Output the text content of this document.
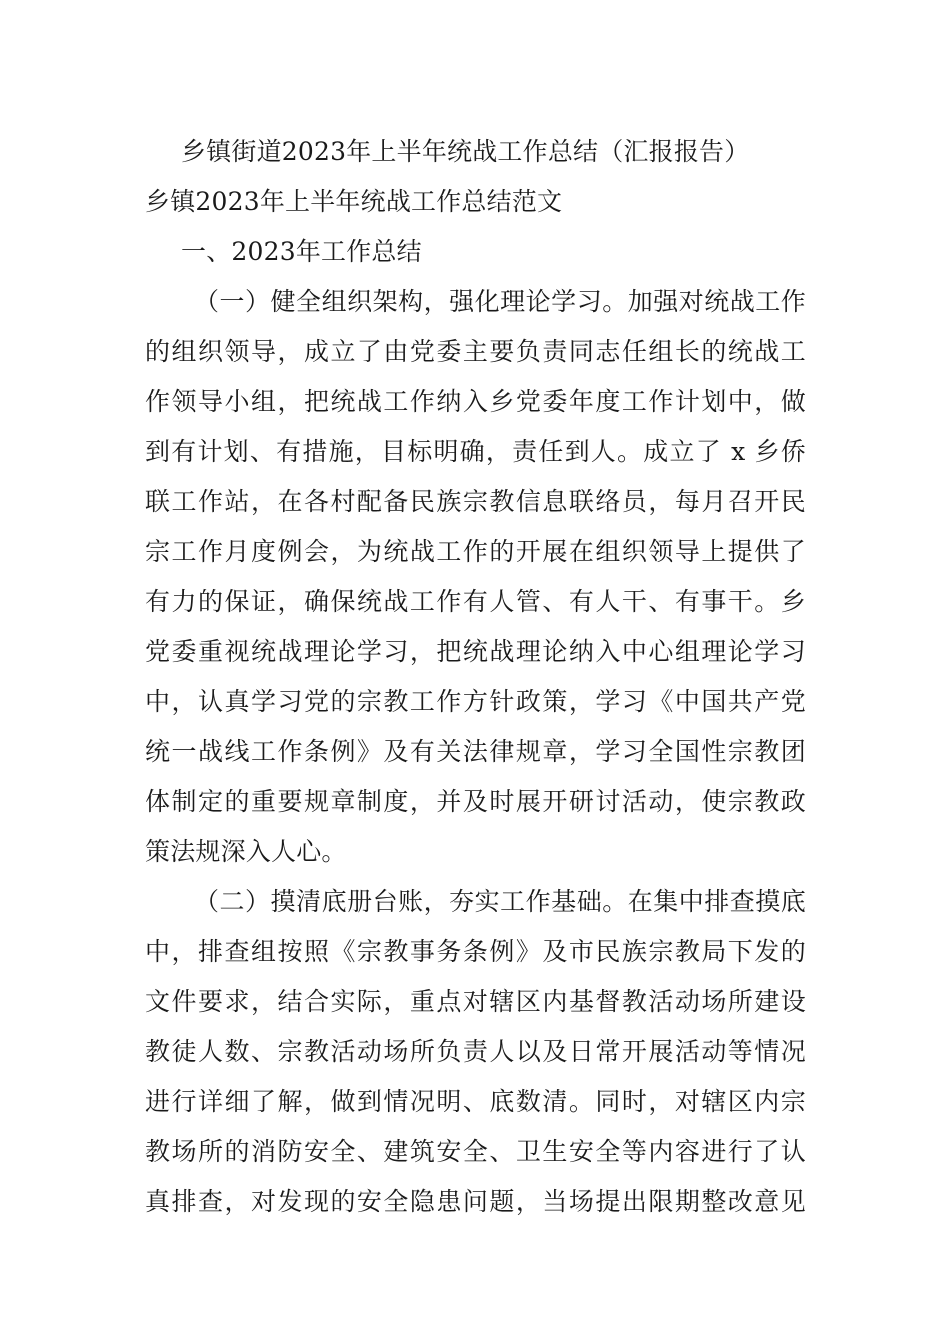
乡镇街道2023年上半年统战工作总结（汇报报告）
乡镇2023年上半年统战工作总结范文
一、2023年工作总结
（一）健全组织架构，强化理论学习。加强对统战工作
的组织领导，成立了由党委主要负责同志任组长的统战工
作领导小组，把统战工作纳入乡党委年度工作计划中，做
到有计划、有措施，目标明确，责任到人。成立了 x 乡侨
联工作站，在各村配备民族宗教信息联络员，每月召开民
宗工作月度例会，为统战工作的开展在组织领导上提供了
有力的保证，确保统战工作有人管、有人干、有事干。乡
党委重视统战理论学习，把统战理论纳入中心组理论学习
中，认真学习党的宗教工作方针政策，学习《中国共产党
统一战线工作条例》及有关法律规章，学习全国性宗教团
体制定的重要规章制度，并及时展开研讨活动，使宗教政
策法规深入人心。
（二）摸清底册台账，夯实工作基础。在集中排查摸底
中，排查组按照《宗教事务条例》及市民族宗教局下发的
文件要求，结合实际，重点对辖区内基督教活动场所建设
教徒人数、宗教活动场所负责人以及日常开展活动等情况
进行详细了解，做到情况明、底数清。同时，对辖区内宗
教场所的消防安全、建筑安全、卫生安全等内容进行了认
真排查，对发现的安全隐患问题，当场提出限期整改意见
